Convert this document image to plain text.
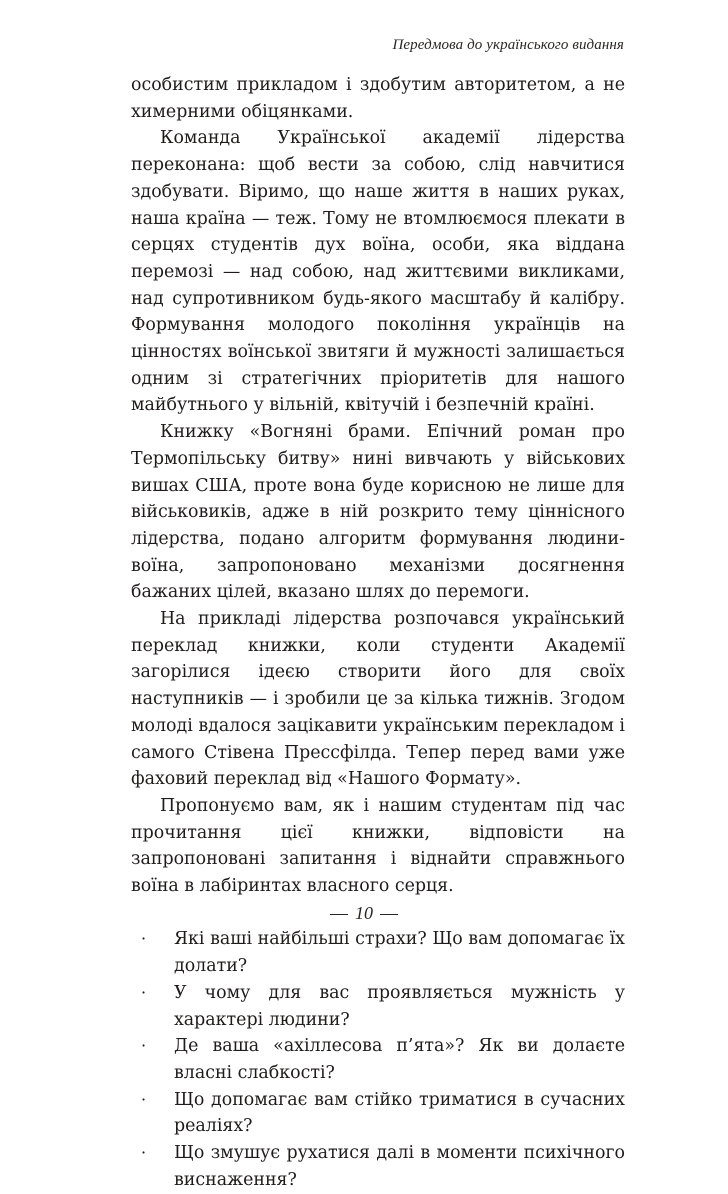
Передмова до українського видання

особистим прикладом і здобутим авторитетом, а не химерними обіцянками.

Команда Української академії лідерства переконана: щоб вести за собою, слід навчитися здобувати. Віримо, що наше життя в наших руках, наша країна — теж. Тому не втомлюємося плекати в серцях студентів дух воїна, особи, яка віддана перемозі — над собою, над життєвими викликами, над супротивником будь-якого масштабу й калібру. Формування молодого покоління українців на цінностях воїнської звитяги й мужності залишається одним зі стратегічних пріоритетів для нашого майбутнього у вільній, квітучій і безпечній країні.

Книжку «Вогняні брами. Епічний роман про Термопільську битву» нині вивчають у військових вишах США, проте вона буде корисною не лише для військовиків, адже в ній розкрито тему ціннісного лідерства, подано алгоритм формування людини-воїна, запропоновано механізми досягнення бажаних цілей, вказано шлях до перемоги.

На прикладі лідерства розпочався український переклад книжки, коли студенти Академії загорілися ідеєю створити його для своїх наступників — і зробили це за кілька тижнів. Згодом молоді вдалося зацікавити українським перекладом і самого Стівена Прессфілда. Тепер перед вами уже фаховий переклад від «Нашого Формату».

Пропонуємо вам, як і нашим студентам під час прочитання цієї книжки, відповісти на запропоновані запитання і віднайти справжнього воїна в лабіринтах власного серця.

· Які ваші найбільші страхи? Що вам допомагає їх долати?
· У чому для вас проявляється мужність у характері людини?
· Де ваша «ахіллесова п’ята»? Як ви долаєте власні слабкості?
· Що допомагає вам стійко триматися в сучасних реаліях?
· Що змушує рухатися далі в моменти психічного виснаження?
10
